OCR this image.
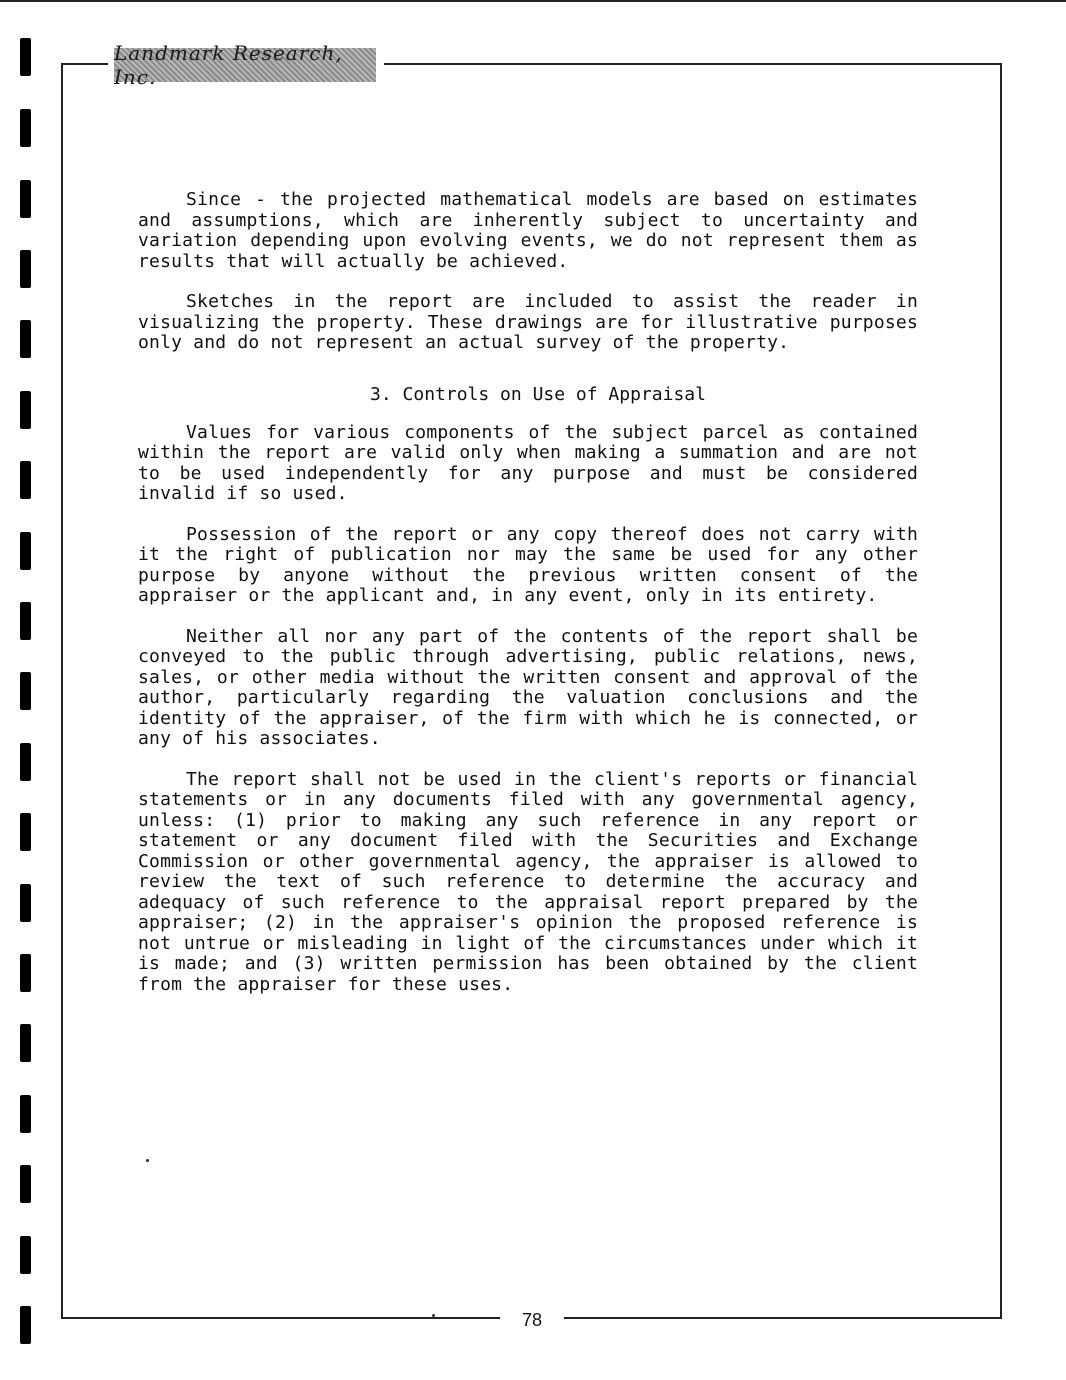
Landmark Research, Inc.

Since - the projected mathematical models are based on estimates and assumptions, which are inherently subject to uncertainty and variation depending upon evolving events, we do not represent them as results that will actually be achieved.

Sketches in the report are included to assist the reader in visualizing the property. These drawings are for illustrative purposes only and do not represent an actual survey of the property.

3. Controls on Use of Appraisal

Values for various components of the subject parcel as contained within the report are valid only when making a summation and are not to be used independently for any purpose and must be considered invalid if so used.

Possession of the report or any copy thereof does not carry with it the right of publication nor may the same be used for any other purpose by anyone without the previous written consent of the appraiser or the applicant and, in any event, only in its entirety.

Neither all nor any part of the contents of the report shall be conveyed to the public through advertising, public relations, news, sales, or other media without the written consent and approval of the author, particularly regarding the valuation conclusions and the identity of the appraiser, of the firm with which he is connected, or any of his associates.

The report shall not be used in the client's reports or financial statements or in any documents filed with any governmental agency, unless: (1) prior to making any such reference in any report or statement or any document filed with the Securities and Exchange Commission or other governmental agency, the appraiser is allowed to review the text of such reference to determine the accuracy and adequacy of such reference to the appraisal report prepared by the appraiser; (2) in the appraiser's opinion the proposed reference is not untrue or misleading in light of the circumstances under which it is made; and (3) written permission has been obtained by the client from the appraiser for these uses.

78
